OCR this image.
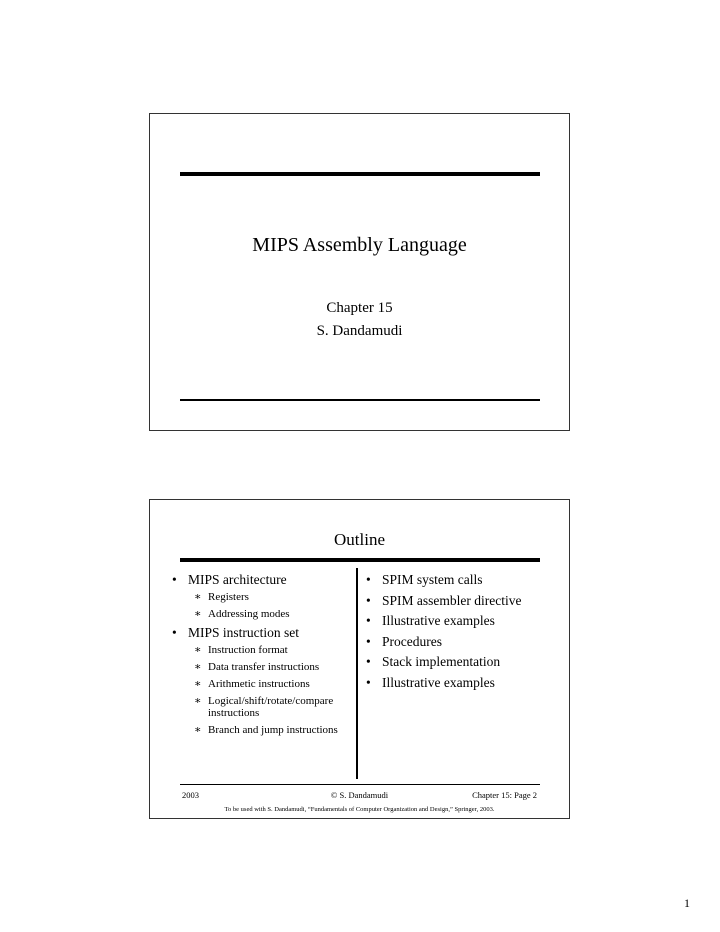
MIPS Assembly Language
Chapter 15
S. Dandamudi
Outline
• MIPS architecture
∗ Registers
∗ Addressing modes
• MIPS instruction set
∗ Instruction format
∗ Data transfer instructions
∗ Arithmetic instructions
∗ Logical/shift/rotate/compare instructions
∗ Branch and jump instructions
• SPIM system calls
• SPIM assembler directive
• Illustrative examples
• Procedures
• Stack implementation
• Illustrative examples
2003	© S. Dandamudi	Chapter 15: Page 2
To be used with S. Dandamudi, “Fundamentals of Computer Organization and Design,” Springer, 2003.
1
